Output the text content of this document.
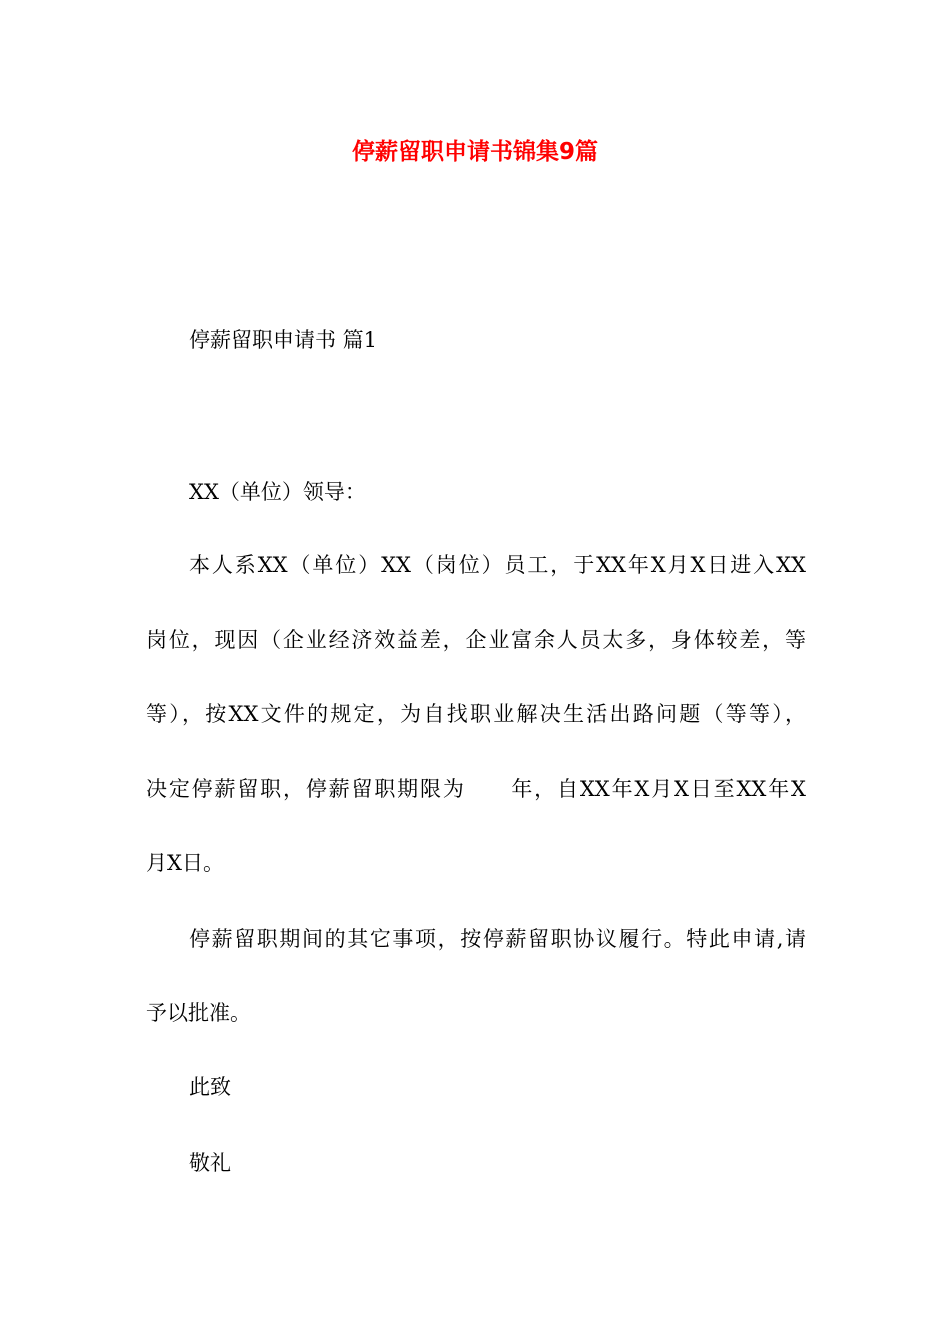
停薪留职申请书锦集9篇
停薪留职申请书 篇1
XX（单位）领导：
本人系XX（单位）XX（岗位）员工，于XX年X月X日进入XX
岗位，现因（企业经济效益差，企业富余人员太多，身体较差，等
等），按XX文件的规定，为自找职业解决生活出路问题（等等），
决定停薪留职，停薪留职期限为　　年，自XX年X月X日至XX年X
月X日。
停薪留职期间的其它事项，按停薪留职协议履行。特此申请,请
予以批准。
此致
敬礼
